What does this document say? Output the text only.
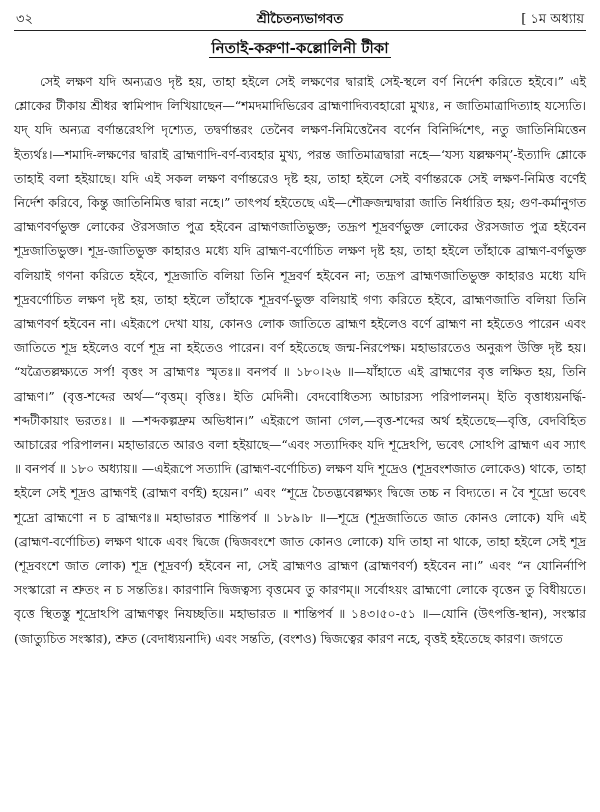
৩২	শ্রীচৈতন্যভাগবত	[ ১ম অধ্যায়
নিতাই-করুণা-কল্লোলিনী টীকা

সেই লক্ষণ যদি অন্যত্রও দৃষ্ট হয়, তাহা হইলে সেই লক্ষণের দ্বারাই সেই-স্থলে বর্ণ নির্দেশ করিতে হইবে।” এই শ্লোকের টীকায় শ্রীধর স্বামিপাদ লিখিয়াছেন—“শমদমাদিভিরেব ব্রাহ্মণাদিব্যবহারো মুখ্যঃ, ন জাতিমাত্রাদিত্যাহ যস্যেতি। যদ্ যদি অন্যত্র বর্ণান্তরেঽপি দৃশ্যেত, তদ্বর্ণান্তরং তেনৈব লক্ষণ-নিমিত্তেনৈব বর্ণেন বিনির্দ্দিশেৎ, নতু জাতিনিমিত্তেন ইত্যর্থঃ।—শমাদি-লক্ষণের দ্বারাই ব্রাহ্মণাদি-বর্ণ-ব্যবহার মুখ্য, পরন্ত জাতিমাত্রদ্বারা নহে—‘যস্য যল্লক্ষণম্’-ইত্যাদি শ্লোকে তাহাই বলা হইয়াছে। যদি এই সকল লক্ষণ বর্ণান্তরেও দৃষ্ট হয়, তাহা হইলে সেই বর্ণান্তরকে সেই লক্ষণ-নিমিত্ত বর্ণেই নির্দেশ করিবে, কিন্তু জাতিনিমিত্ত দ্বারা নহে।” তাৎপর্য হইতেছে এই—শৌক্রজন্মদ্বারা জাতি নির্ধারিত হয়; গুণ-কর্মানুগত ব্রাহ্মণবর্ণভুক্ত লোকের ঔরসজাত পুত্র হইবেন ব্রাহ্মণজাতিভুক্ত; তদ্রূপ শূদ্রবর্ণভুক্ত লোকের ঔরসজাত পুত্র হইবেন শূদ্রজাতিভুক্ত। শূদ্র-জাতিভুক্ত কাহারও মধ্যে যদি ব্রাহ্মণ-বর্ণোচিত লক্ষণ দৃষ্ট হয়, তাহা হইলে তাঁহাকে ব্রাহ্মণ-বর্ণভুক্ত বলিয়াই গণনা করিতে হইবে, শূদ্রজাতি বলিয়া তিনি শূদ্রবর্ণ হইবেন না; তদ্রূপ ব্রাহ্মণজাতিভুক্ত কাহারও মধ্যে যদি শূদ্রবর্ণোচিত লক্ষণ দৃষ্ট হয়, তাহা হইলে তাঁহাকে শূদ্রবর্ণ-ভুক্ত বলিয়াই গণ্য করিতে হইবে, ব্রাহ্মণজাতি বলিয়া তিনি ব্রাহ্মণবর্ণ হইবেন না। এইরূপে দেখা যায়, কোনও লোক জাতিতে ব্রাহ্মণ হইলেও বর্ণে ব্রাহ্মণ না হইতেও পারেন এবং জাতিতে শূদ্র হইলেও বর্ণে শূদ্র না হইতেও পারেন। বর্ণ হইতেছে জন্ম-নিরপেক্ষ। মহাভারতেও অনুরূপ উক্তি দৃষ্ট হয়। “যত্রৈতল্লক্ষ্যতে সর্প! বৃত্তং স ব্রাহ্মণঃ স্মৃতঃ॥ বনপর্ব ॥ ১৮০।২৬ ॥—যাঁহাতে এই ব্রাহ্মণের বৃত্ত লক্ষিত হয়, তিনি ব্রাহ্মণ।” (বৃত্ত-শব্দের অর্থ—“বৃত্তম্। বৃত্তিঃ। ইতি মেদিনী। বেদবোধিতস্য আচারস্য পরিপালনম্। ইতি বৃত্তাধ্যয়নর্দ্ধি-শব্দটীকায়াং ভরতঃ। ॥ —শব্দকল্পদ্রুম অভিধান।” এইরূপে জানা গেল,—বৃত্ত-শব্দের অর্থ হইতেছে—বৃত্তি, বেদবিহিত আচারের পরিপালন। মহাভারতে আরও বলা হইয়াছে—“এবং সত্যাদিকং যদি শূদ্রেঽপি, ভবেৎ সোঽপি ব্রাহ্মণ এব স্যাৎ ॥ বনপর্ব ॥ ১৮০ অধ্যায়॥ —এইরূপে সত্যাদি (ব্রাহ্মণ-বর্ণোচিত) লক্ষণ যদি শূদ্রেও (শূদ্রবংশজাত লোকেও) থাকে, তাহা হইলে সেই শূদ্রও ব্রাহ্মণই (ব্রাহ্মণ বর্ণই) হয়েন।” এবং “শূদ্রে চৈতদ্ভবেল্লক্ষ্যং দ্বিজে তচ্চ ন বিদ্যতে। ন বৈ শূদ্রো ভবেৎ শূদ্রো ব্রাহ্মণো ন চ ব্রাহ্মণঃ॥ মহাভারত শান্তিপর্ব ॥ ১৮৯।৮ ॥—শূদ্রে (শূদ্রজাতিতে জাত কোনও লোকে) যদি এই (ব্রাহ্মণ-বর্ণোচিত) লক্ষণ থাকে এবং দ্বিজে (দ্বিজবংশে জাত কোনও লোকে) যদি তাহা না থাকে, তাহা হইলে সেই শূদ্র (শূদ্রবংশে জাত লোক) শূদ্র (শূদ্রবর্ণ) হইবেন না, সেই ব্রাহ্মণও ব্রাহ্মণ (ব্রাহ্মণবর্ণ) হইবেন না।” এবং “ন যোনির্নাপি সংস্কারো ন শ্রুতং ন চ সন্ততিঃ। কারণানি দ্বিজত্বস্য বৃত্তমেব তু কারণম্॥ সর্বোঽয়ং ব্রাহ্মণো লোকে বৃত্তেন তু বিধীয়তে। বৃত্তে স্থিতস্তু শূদ্রোঽপি ব্রাহ্মণত্বং নিযচ্ছতি॥ মহাভারত ॥ শান্তিপর্ব ॥ ১৪৩।৫০-৫১ ॥—যোনি (উৎপত্তি-স্থান), সংস্কার (জাত্যুচিত সংস্কার), শ্রুত (বেদাধ্যয়নাদি) এবং সন্ততি, (বংশও) দ্বিজত্বের কারণ নহে, বৃত্তই হইতেছে কারণ। জগতে
